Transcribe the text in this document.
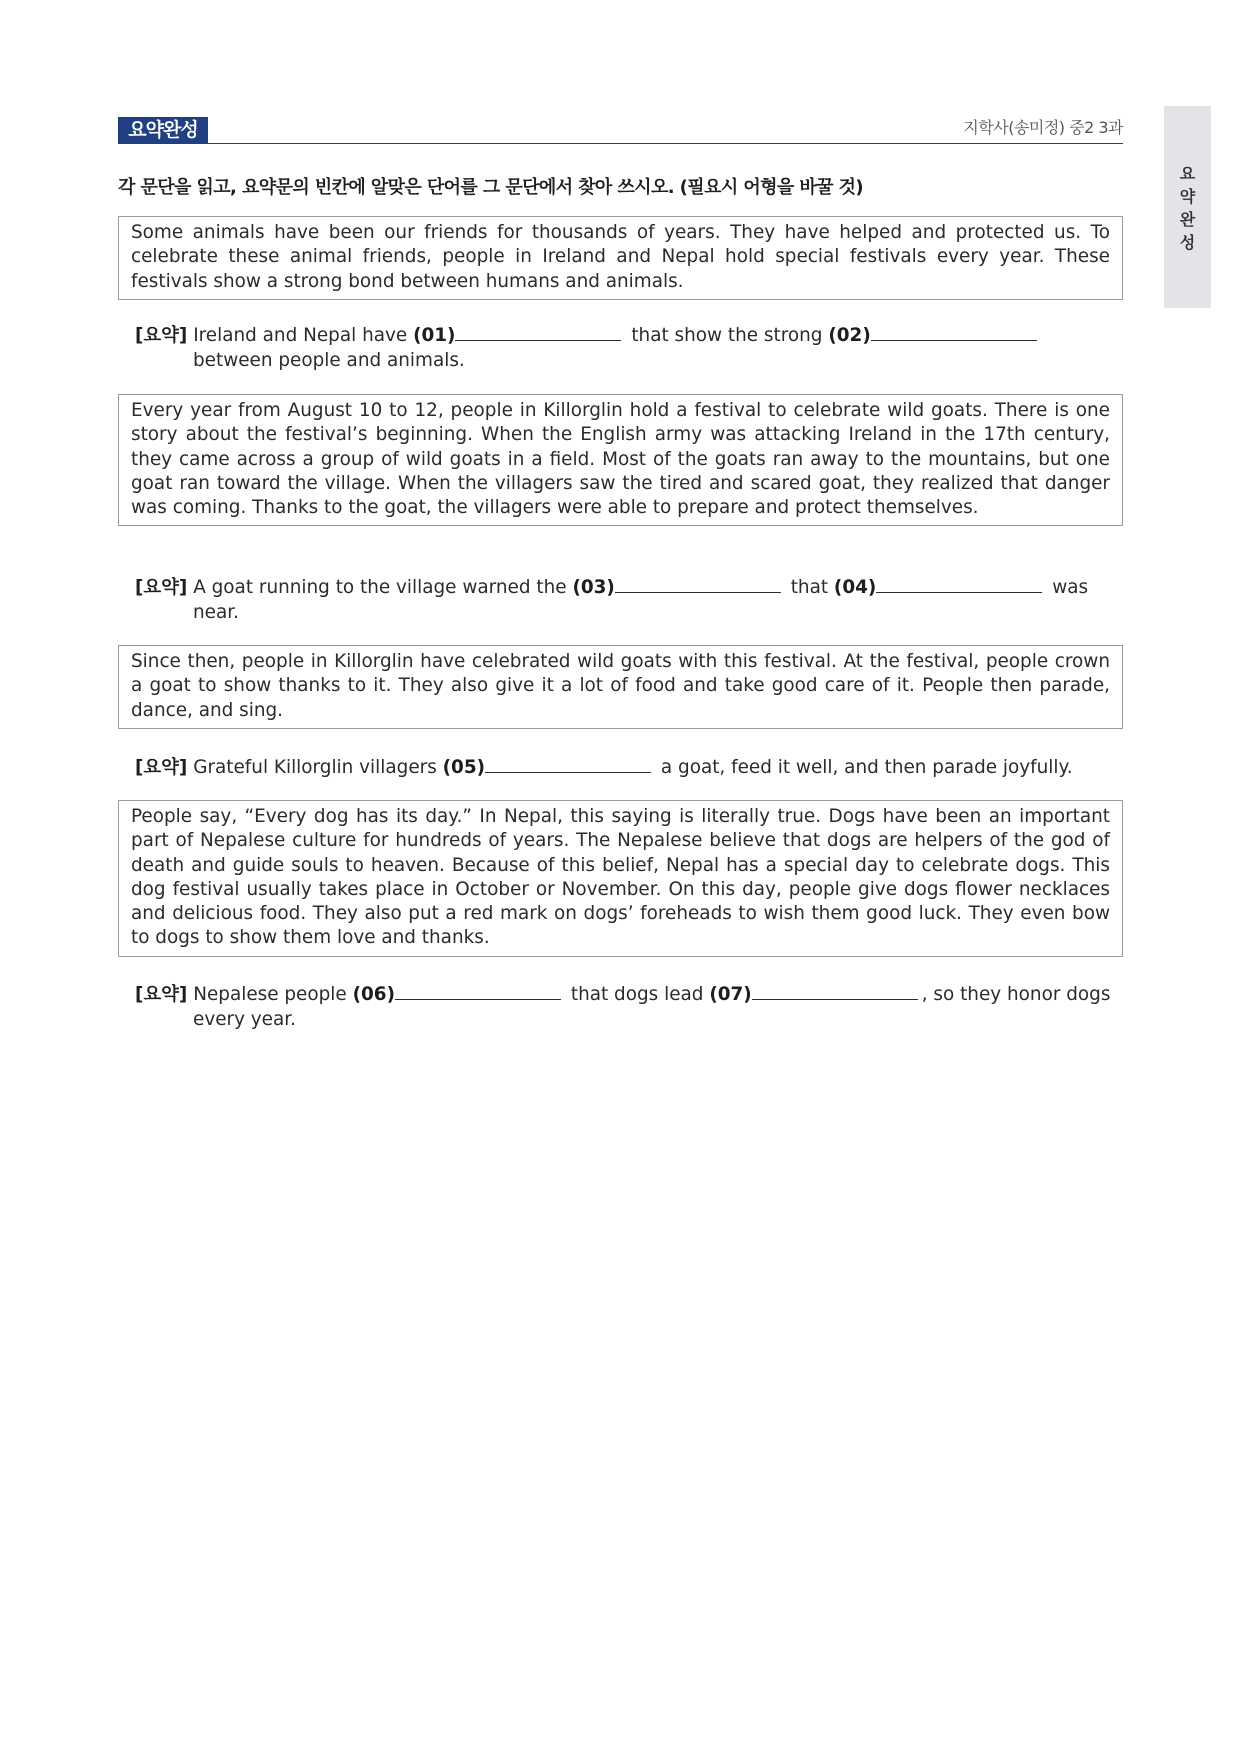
요약완성	지학사(송미정) 중2 3과
요약완성
각 문단을 읽고, 요약문의 빈칸에 알맞은 단어를 그 문단에서 찾아 쓰시오. (필요시 어형을 바꿀 것)
Some animals have been our friends for thousands of years. They have helped and protected us. To celebrate these animal friends, people in Ireland and Nepal hold special festivals every year. These festivals show a strong bond between humans and animals.
[요약] Ireland and Nepal have (01)	that show the strong (02) between people and animals.
Every year from August 10 to 12, people in Killorglin hold a festival to celebrate wild goats. There is one story about the festival’s beginning. When the English army was attacking Ireland in the 17th century, they came across a group of wild goats in a field. Most of the goats ran away to the mountains, but one goat ran toward the village. When the villagers saw the tired and scared goat, they realized that danger was coming. Thanks to the goat, the villagers were able to prepare and protect themselves.
[요약] A goat running to the village warned the (03)	that (04)	was near.
Since then, people in Killorglin have celebrated wild goats with this festival. At the festival, people crown a goat to show thanks to it. They also give it a lot of food and take good care of it. People then parade, dance, and sing.
[요약] Grateful Killorglin villagers (05)	a goat, feed it well, and then parade joyfully.
People say, “Every dog has its day.” In Nepal, this saying is literally true. Dogs have been an important part of Nepalese culture for hundreds of years. The Nepalese believe that dogs are helpers of the god of death and guide souls to heaven. Because of this belief, Nepal has a special day to celebrate dogs. This dog festival usually takes place in October or November. On this day, people give dogs flower necklaces and delicious food. They also put a red mark on dogs’ foreheads to wish them good luck. They even bow to dogs to show them love and thanks.
[요약] Nepalese people (06)	that dogs lead (07)	, so they honor dogs every year.
